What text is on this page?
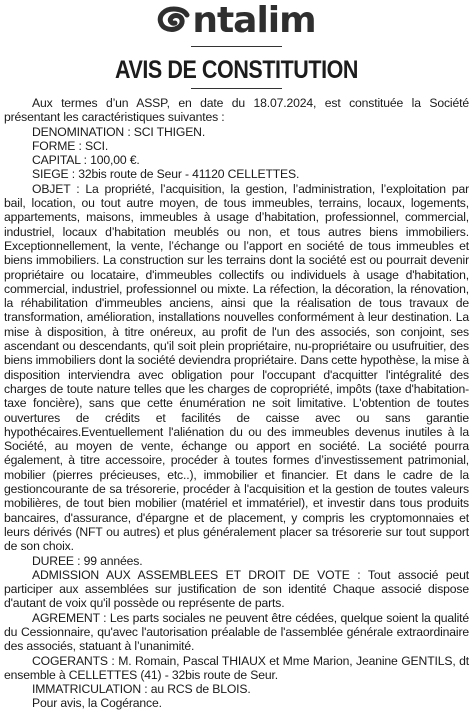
ntalim
AVIS DE CONSTITUTION

Aux termes d’un ASSP, en date du 18.07.2024, est constituée la Société présentant les caractéristiques suivantes :

DENOMINATION : SCI THIGEN.

FORME : SCI.

CAPITAL : 100,00 €.

SIEGE : 32bis route de Seur - 41120 CELLETTES.

OBJET : La propriété, l’acquisition, la gestion, l’administration, l’exploitation par bail, location, ou tout autre moyen, de tous immeubles, terrains, locaux, logements, appartements, maisons, immeubles à usage d’habitation, professionnel, commercial, industriel, locaux d’habitation meublés ou non, et tous autres biens immobiliers. Exceptionnellement, la vente, l’échange ou l’apport en société de tous immeubles et biens immobiliers. La construction sur les terrains dont la société est ou pourrait devenir propriétaire ou locataire, d'immeubles collectifs ou individuels à usage d'habitation, commercial, industriel, professionnel ou mixte. La réfection, la décoration, la rénovation, la réhabilitation d'immeubles anciens, ainsi que la réalisation de tous travaux de transformation, amélioration, installations nouvelles conformément à leur destination. La mise à disposition, à titre onéreux, au profit de l'un des associés, son conjoint, ses ascendant ou descendants, qu'il soit plein propriétaire, nu-propriétaire ou usufruitier, des biens immobiliers dont la société deviendra propriétaire. Dans cette hypothèse, la mise à disposition interviendra avec obligation pour l'occupant d'acquitter l'intégralité des charges de toute nature telles que les charges de copropriété, impôts (taxe d'habitation-taxe foncière), sans que cette énumération ne soit limitative. L'obtention de toutes ouvertures de crédits et facilités de caisse avec ou sans garantie hypothécaires.Eventuellement l'aliénation du ou des immeubles devenus inutiles à la Société, au moyen de vente, échange ou apport en société. La société pourra également, à titre accessoire, procéder à toutes formes d’investissement patrimonial, mobilier (pierres précieuses, etc..), immobilier et financier. Et dans le cadre de la gestioncourante de sa trésorerie, procéder à l'acquisition et la gestion de toutes valeurs mobilières, de tout bien mobilier (matériel et immatériel), et investir dans tous produits bancaires, d'assurance, d'épargne et de placement, y compris les cryptomonnaies et leurs dérivés (NFT ou autres) et plus généralement placer sa trésorerie sur tout support de son choix.

DUREE : 99 années.

ADMISSION AUX ASSEMBLEES ET DROIT DE VOTE : Tout associé peut participer aux assemblées sur justification de son identité Chaque associé dispose d'autant de voix qu'il possède ou représente de parts.

AGREMENT : Les parts sociales ne peuvent être cédées, quelque soient la qualité du Cessionnaire, qu'avec l'autorisation préalable de l'assemblée générale extraordinaire des associés, statuant à l’unanimité.

COGERANTS : M. Romain, Pascal THIAUX et Mme Marion, Jeanine GENTILS, dt ensemble à CELLETTES (41) - 32bis route de Seur.

IMMATRICULATION : au RCS de BLOIS.

Pour avis, la Cogérance.
